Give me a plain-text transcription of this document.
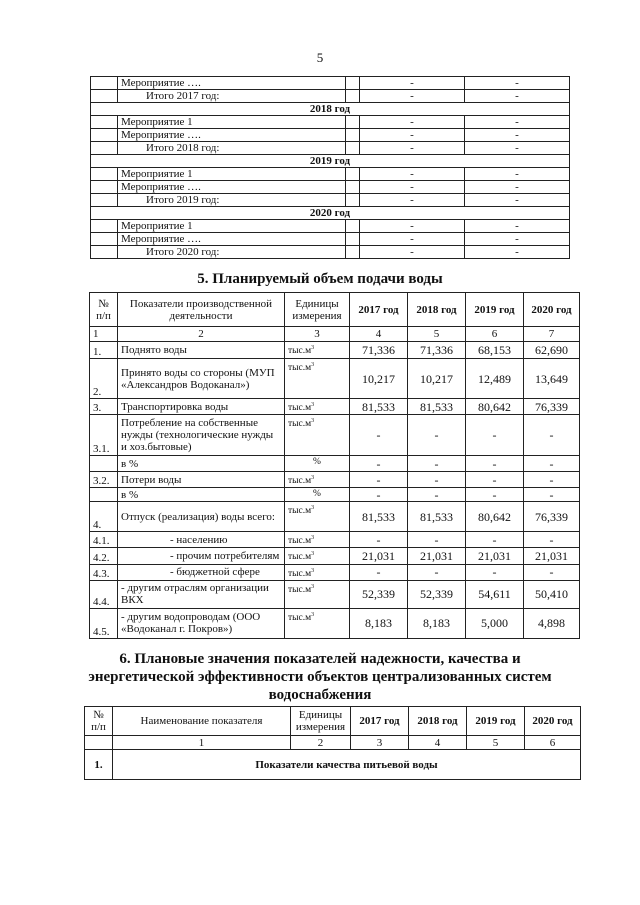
5
	Мероприятие ….		-	-
	Итого 2017 год:		-	-
2018 год				
	Мероприятие 1		-	-
	Мероприятие ….		-	-
	Итого 2018 год:		-	-
2019 год				
	Мероприятие 1		-	-
	Мероприятие ….		-	-
	Итого 2019 год:		-	-
2020 год				
	Мероприятие 1		-	-
	Мероприятие ….		-	-
	Итого 2020 год:		-	-
5. Планируемый объем подачи воды
№ п/п	Показатели производственной деятельности	Единицы измерения	2017 год	2018 год	2019 год	2020 год
1	2	3	4	5	6	7
1.	Поднято воды	$тыс.м^3$	71,336	71,336	68,153	62,690
2.	Принято воды со стороны (МУП «Александров Водоканал»)	$тыс.м^3$	10,217	10,217	12,489	13,649
3.	Транспортировка воды	$тыс.м^3$	81,533	81,533	80,642	76,339
3.1.	Потребление на собственные нужды (технологические нужды и хоз.бытовые)	$тыс.м^3$	-	-	-	-
	в %	%	-	-	-	-
3.2.	Потери воды	$тыс.м^3$	-	-	-	-
	в %	%	-	-	-	-
4.	Отпуск (реализация) воды всего:	$тыс.м^3$	81,533	81,533	80,642	76,339
4.1.	- населению	$тыс.м^3$	-	-	-	-
4.2.	- прочим потребителям	$тыс.м^3$	21,031	21,031	21,031	21,031
4.3.	- бюджетной сфере	$тыс.м^3$	-	-	-	-
4.4.	- другим отраслям организации ВКХ	$тыс.м^3$	52,339	52,339	54,611	50,410
4.5.	- другим водопроводам (ООО «Водоканал г. Покров»)	$тыс.м^3$	8,183	8,183	5,000	4,898
6. Плановые значения показателей надежности, качества и
энергетической эффективности объектов централизованных систем
водоснабжения
№ п/п	Наименование показателя	Единицы измерения	2017 год	2018 год	2019 год	2020 год
	1	2	3	4	5	6
1.	Показатели качества питьевой воды					
